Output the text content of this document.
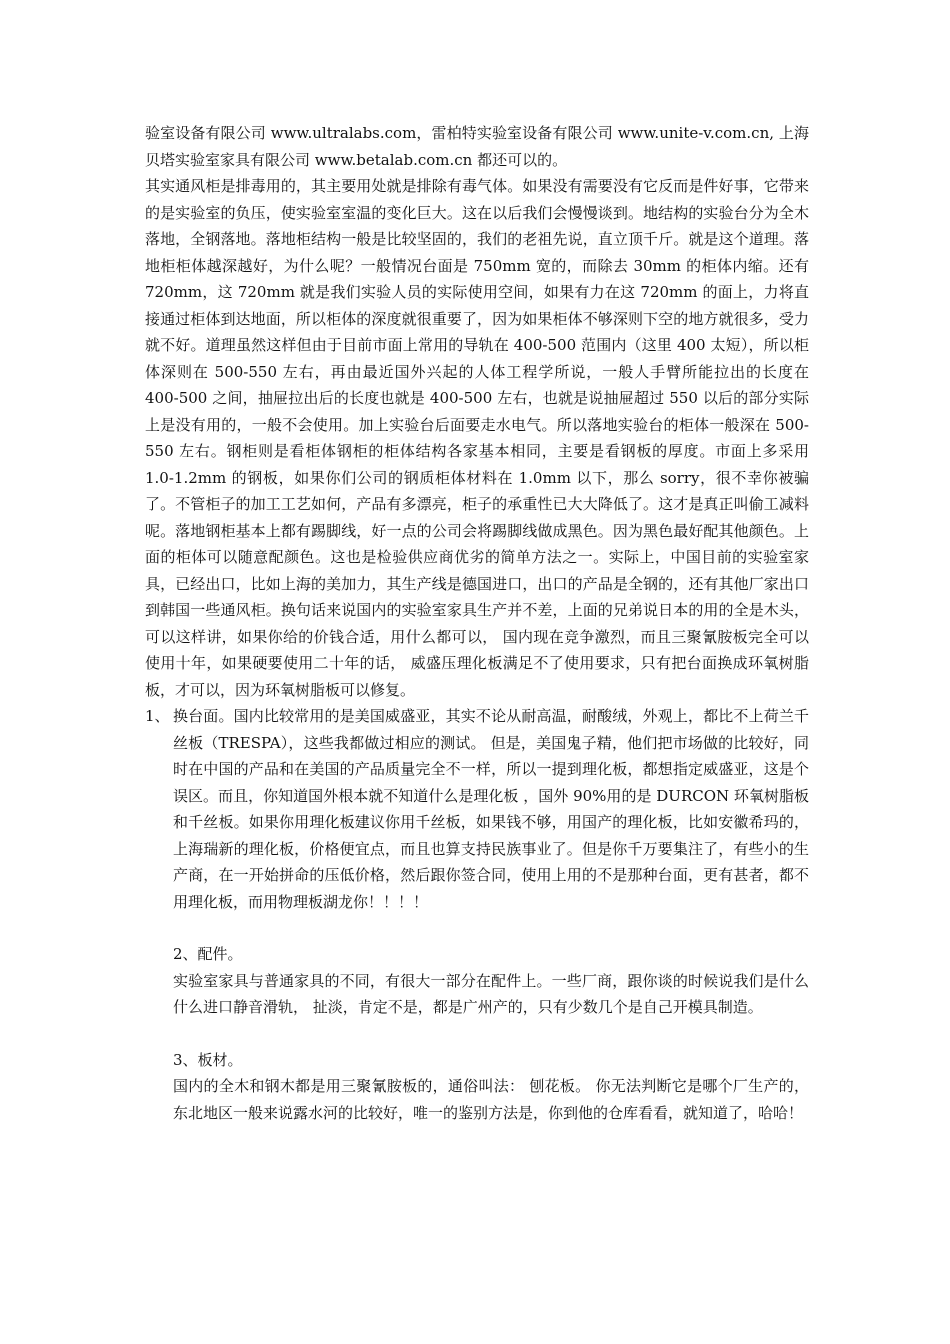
验室设备有限公司 www.ultralabs.com，雷柏特实验室设备有限公司 www.unite-v.com.cn, 上海贝塔实验室家具有限公司 www.betalab.com.cn 都还可以的。

其实通风柜是排毒用的，其主要用处就是排除有毒气体。如果没有需要没有它反而是件好事，它带来的是实验室的负压，使实验室室温的变化巨大。这在以后我们会慢慢谈到。地结构的实验台分为全木落地，全钢落地。落地柜结构一般是比较坚固的，我们的老祖先说，直立顶千斤。就是这个道理。落地柜柜体越深越好，为什么呢？一般情况台面是 750mm 宽的，而除去 30mm 的柜体内缩。还有 720mm，这 720mm 就是我们实验人员的实际使用空间，如果有力在这 720mm 的面上，力将直接通过柜体到达地面，所以柜体的深度就很重要了，因为如果柜体不够深则下空的地方就很多，受力就不好。道理虽然这样但由于目前市面上常用的导轨在 400-500 范围内（这里 400 太短），所以柜体深则在 500-550 左右，再由最近国外兴起的人体工程学所说，一般人手臂所能拉出的长度在 400-500 之间，抽屉拉出后的长度也就是 400-500 左右，也就是说抽屉超过 550 以后的部分实际上是没有用的，一般不会使用。加上实验台后面要走水电气。所以落地实验台的柜体一般深在 500-550 左右。钢柜则是看柜体钢柜的柜体结构各家基本相同，主要是看钢板的厚度。市面上多采用 1.0-1.2mm 的钢板，如果你们公司的钢质柜体材料在 1.0mm 以下，那么 sorry，很不幸你被骗了。不管柜子的加工工艺如何，产品有多漂亮，柜子的承重性已大大降低了。这才是真正叫偷工减料呢。落地钢柜基本上都有踢脚线，好一点的公司会将踢脚线做成黑色。因为黑色最好配其他颜色。上面的柜体可以随意配颜色。这也是检验供应商优劣的简单方法之一。实际上，中国目前的实验室家具，已经出口，比如上海的美加力，其生产线是德国进口，出口的产品是全钢的，还有其他厂家出口到韩国一些通风柜。换句话来说国内的实验室家具生产并不差，上面的兄弟说日本的用的全是木头，可以这样讲，如果你给的价钱合适，用什么都可以， 国内现在竞争激烈，而且三聚氰胺板完全可以使用十年，如果硬要使用二十年的话， 威盛压理化板满足不了使用要求，只有把台面换成环氧树脂板，才可以，因为环氧树脂板可以修复。

1、 换台面。国内比较常用的是美国威盛亚，其实不论从耐高温，耐酸绒，外观上，都比不上荷兰千丝板（TRESPA），这些我都做过相应的测试。 但是，美国鬼子精，他们把市场做的比较好，同时在中国的产品和在美国的产品质量完全不一样，所以一提到理化板，都想指定威盛亚，这是个误区。而且，你知道国外根本就不知道什么是理化板 ，国外 90%用的是 DURCON 环氧树脂板和千丝板。如果你用理化板建议你用千丝板，如果钱不够，用国产的理化板，比如安徽希玛的，上海瑞新的理化板，价格便宜点，而且也算支持民族事业了。但是你千万要集注了，有些小的生产商，在一开始拼命的压低价格，然后跟你签合同，使用上用的不是那种台面，更有甚者，都不用理化板，而用物理板湖龙你！！！！

2、配件。

实验室家具与普通家具的不同，有很大一部分在配件上。一些厂商，跟你谈的时候说我们是什么什么进口静音滑轨， 扯淡，肯定不是，都是广州产的，只有少数几个是自己开模具制造。

3、板材。

国内的全木和钢木都是用三聚氰胺板的，通俗叫法： 刨花板。 你无法判断它是哪个厂生产的，东北地区一般来说露水河的比较好，唯一的鉴别方法是，你到他的仓库看看，就知道了，哈哈！
